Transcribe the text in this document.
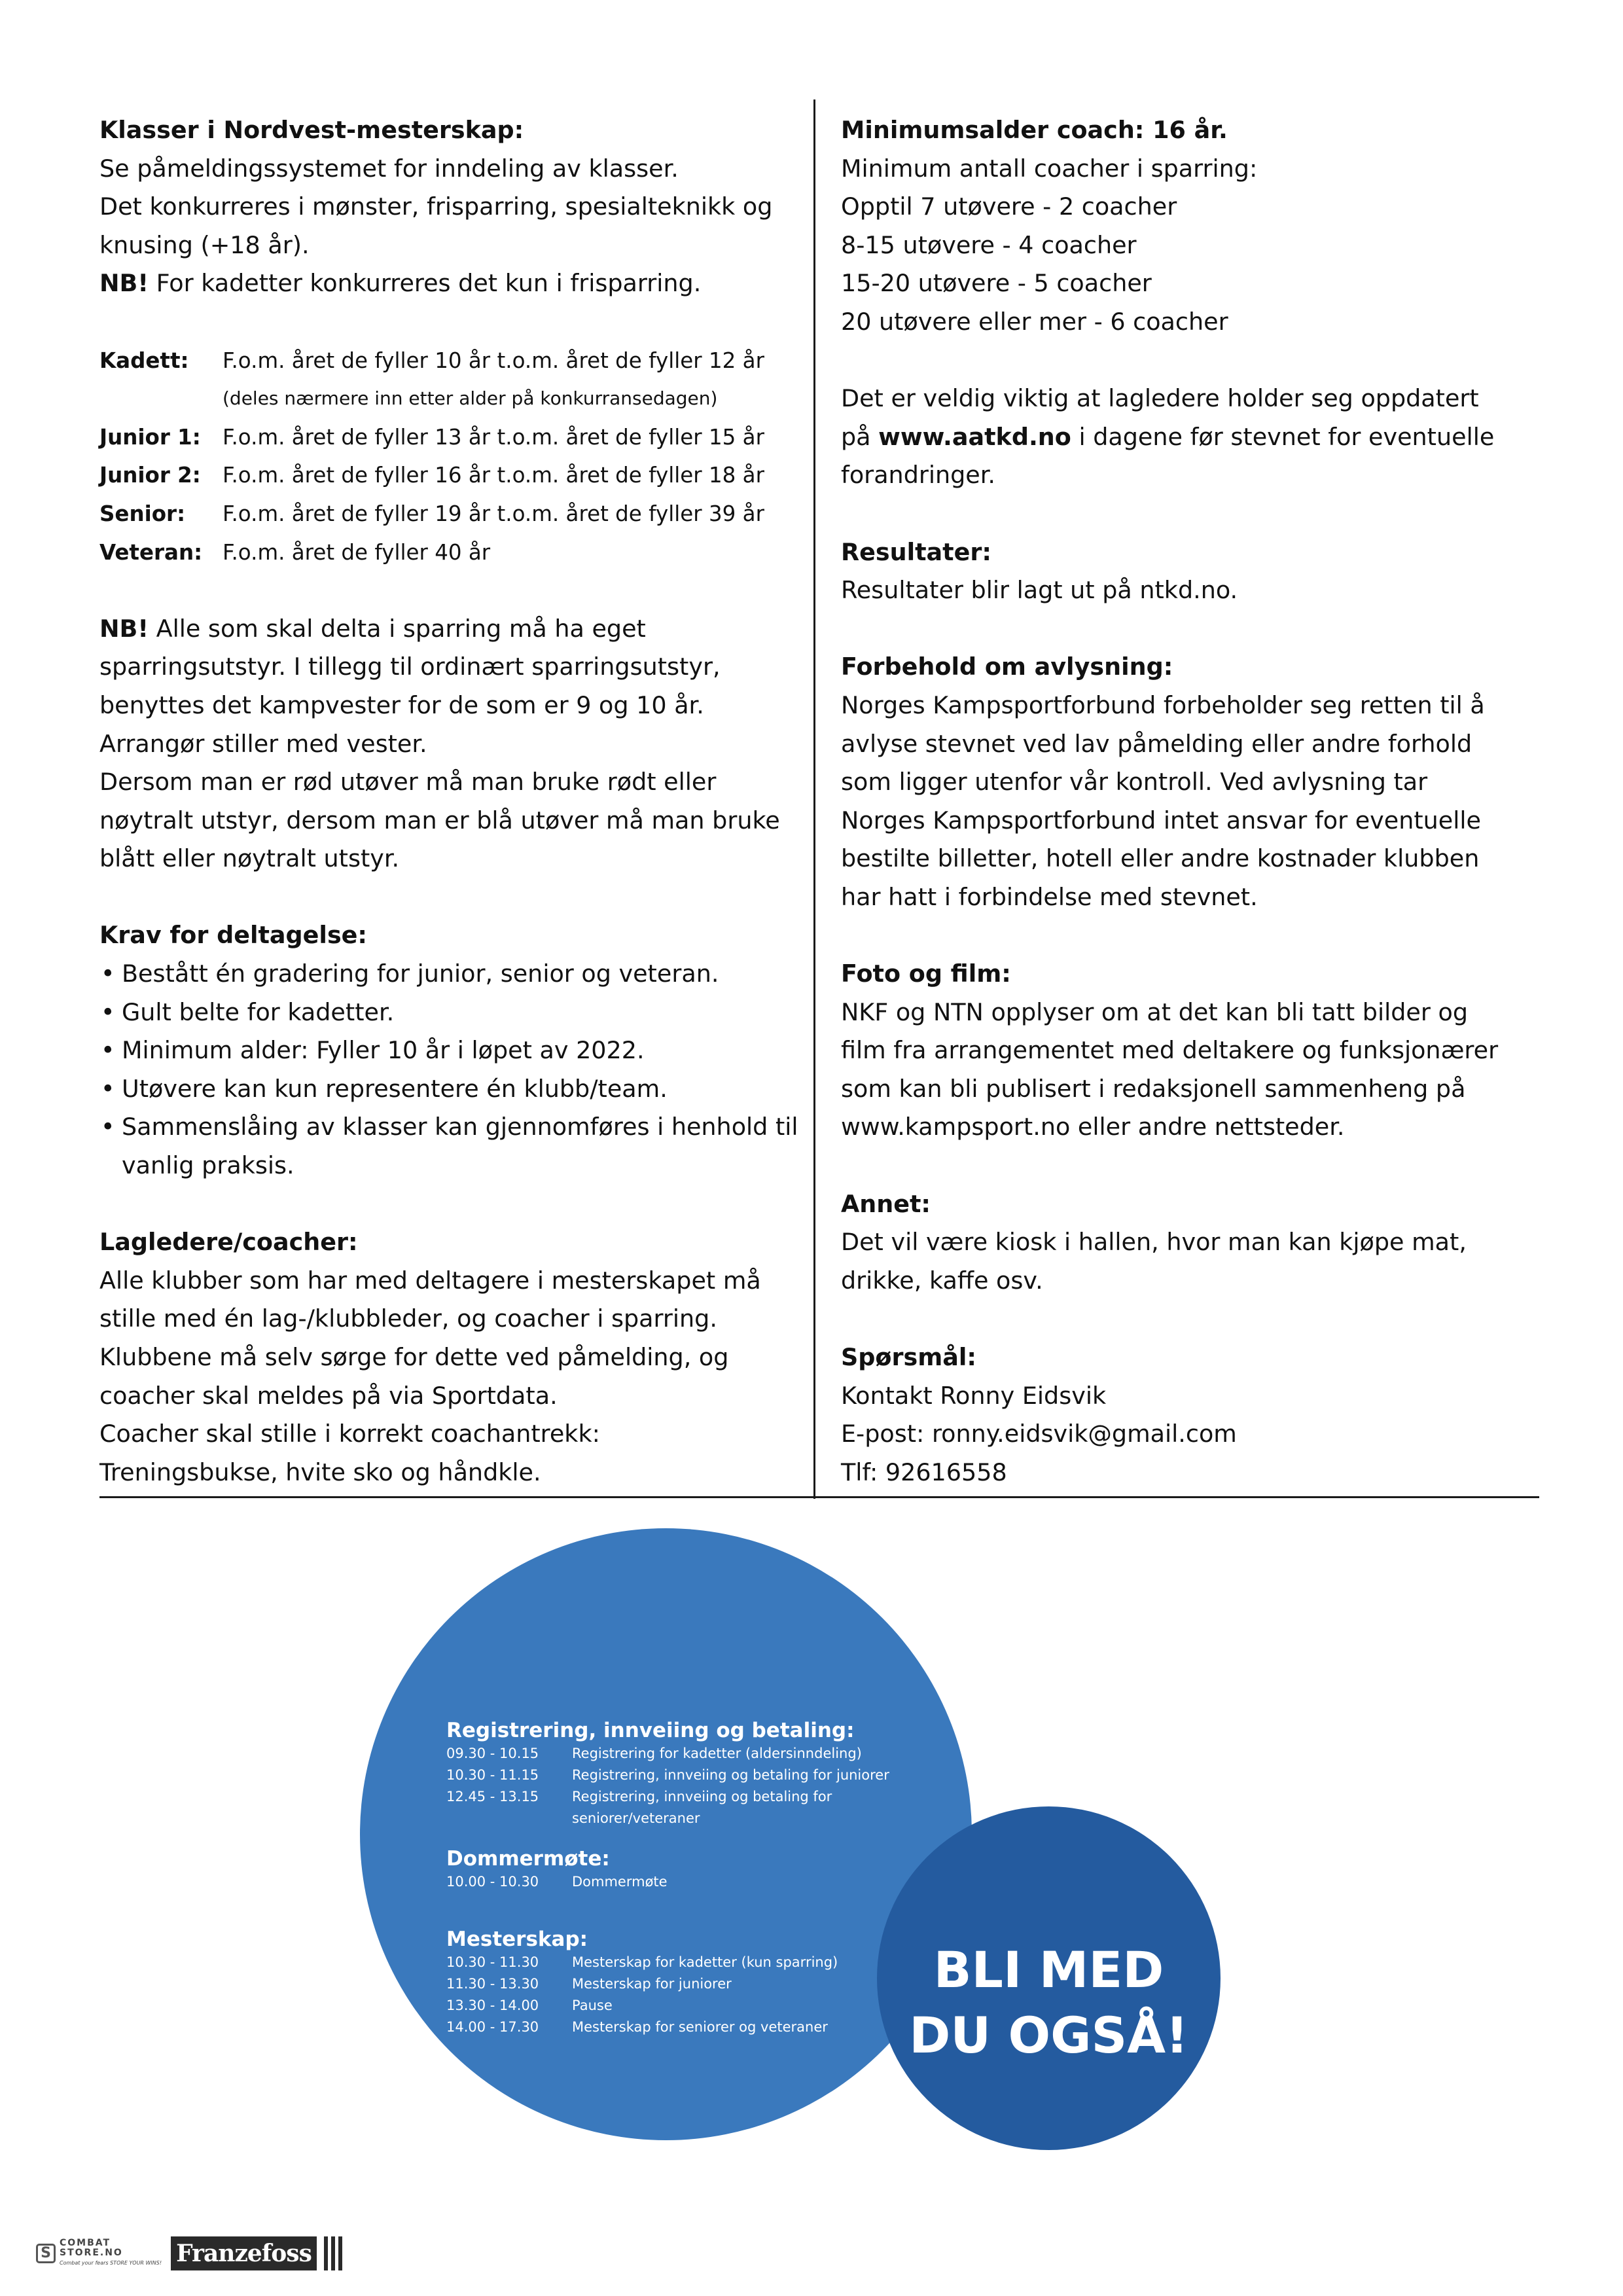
Klasser i Nordvest-mesterskap:

Se påmeldingssystemet for inndeling av klasser.

Det konkurreres i mønster, frisparring, spesialteknikk og

knusing (+18 år).

NB! For kadetter konkurreres det kun i frisparring.

Kadett:	F.o.m. året de fyller 10 år t.o.m. året de fyller 12 år
(deles nærmere inn etter alder på konkurransedagen)
Junior 1:	F.o.m. året de fyller 13 år t.o.m. året de fyller 15 år
Junior 2:	F.o.m. året de fyller 16 år t.o.m. året de fyller 18 år
Senior:	F.o.m. året de fyller 19 år t.o.m. året de fyller 39 år
Veteran: F.o.m. året de fyller 40 år

NB! Alle som skal delta i sparring må ha eget

sparringsutstyr. I tillegg til ordinært sparringsutstyr,

benyttes det kampvester for de som er 9 og 10 år.

Arrangør stiller med vester.

Dersom man er rød utøver må man bruke rødt eller

nøytralt utstyr, dersom man er blå utøver må man bruke

blått eller nøytralt utstyr.

Krav for deltagelse:

• Bestått én gradering for junior, senior og veteran.
• Gult belte for kadetter.
• Minimum alder: Fyller 10 år i løpet av 2022.
• Utøvere kan kun representere én klubb/team.
• Sammenslåing av klasser kan gjennomføres i henhold til vanlig praksis.

Lagledere/coacher:

Alle klubber som har med deltagere i mesterskapet må

stille med én lag-/klubbleder, og coacher i sparring.

Klubbene må selv sørge for dette ved påmelding, og

coacher skal meldes på via Sportdata.

Coacher skal stille i korrekt coachantrekk:

Treningsbukse, hvite sko og håndkle.

Minimumsalder coach: 16 år.

Minimum antall coacher i sparring:

Opptil 7 utøvere - 2 coacher

8-15 utøvere - 4 coacher

15-20 utøvere - 5 coacher

20 utøvere eller mer - 6 coacher

Det er veldig viktig at lagledere holder seg oppdatert

på www.aatkd.no i dagene før stevnet for eventuelle

forandringer.

Resultater:

Resultater blir lagt ut på ntkd.no.

Forbehold om avlysning:

Norges Kampsportforbund forbeholder seg retten til å

avlyse stevnet ved lav påmelding eller andre forhold

som ligger utenfor vår kontroll. Ved avlysning tar

Norges Kampsportforbund intet ansvar for eventuelle

bestilte billetter, hotell eller andre kostnader klubben

har hatt i forbindelse med stevnet.

Foto og film:

NKF og NTN opplyser om at det kan bli tatt bilder og

film fra arrangementet med deltakere og funksjonærer

som kan bli publisert i redaksjonell sammenheng på

www.kampsport.no eller andre nettsteder.

Annet:

Det vil være kiosk i hallen, hvor man kan kjøpe mat,

drikke, kaffe osv.

Spørsmål:

Kontakt Ronny Eidsvik

E-post: ronny.eidsvik@gmail.com

Tlf: 92616558

Registrering, innveiing og betaling:
09.30 - 10.15	Registrering for kadetter (aldersinndeling)
10.30 - 11.15	Registrering, innveiing og betaling for juniorer
12.45 - 13.15	Registrering, innveiing og betaling for
seniorer/veteraner
Dommermøte:
10.00 - 10.30	Dommermøte
Mesterskap:
10.30 - 11.30	Mesterskap for kadetter (kun sparring)
11.30 - 13.30	Mesterskap for juniorer
13.30 - 14.00	Pause
14.00 - 17.30	Mesterskap for seniorer og veteraner
BLI MED
DU OGSÅ!
S
COMBAT
STORE.NO
Combat your fears STORE YOUR WINS! Franzefoss
